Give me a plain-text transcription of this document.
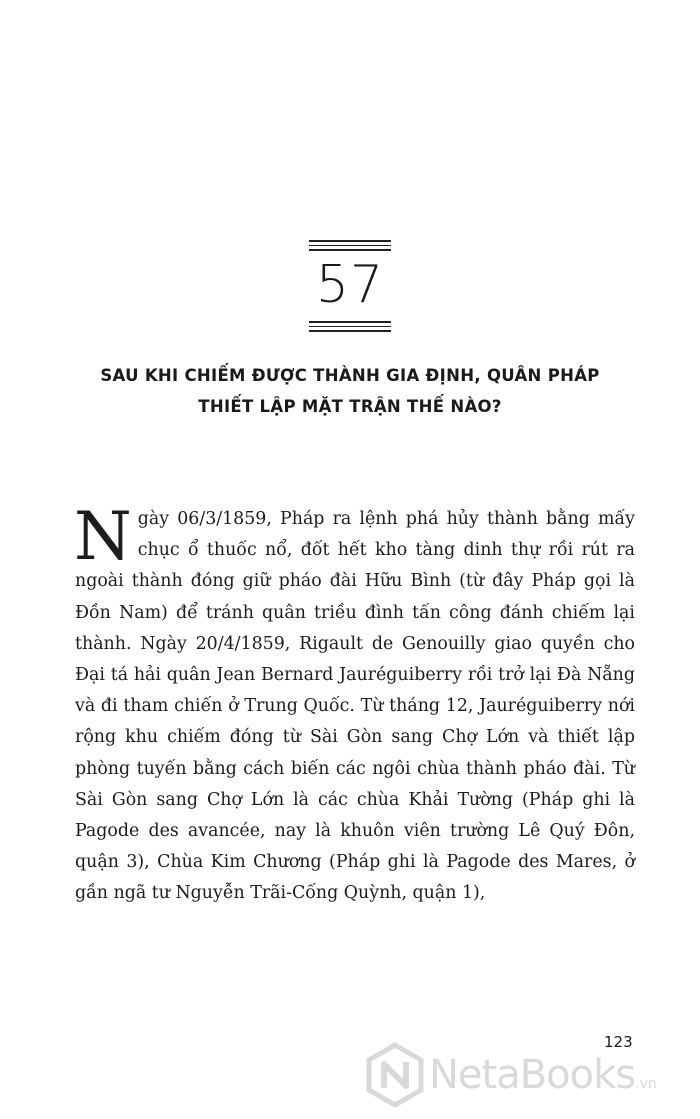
57
SAU KHI CHIẾM ĐƯỢC THÀNH GIA ĐỊNH, QUÂN PHÁP
THIẾT LẬP MẶT TRẬN THẾ NÀO?
N gày 06/3/1859, Pháp ra lệnh phá hủy thành bằng mấy chục ổ thuốc nổ, đốt hết kho tàng dinh thự rồi rút ra ngoài thành đóng giữ pháo đài Hữu Bình (từ đây Pháp gọi là Đồn Nam) để tránh quân triều đình tấn công đánh chiếm lại thành. Ngày 20/4/1859, Rigault de Genouilly giao quyền cho Đại tá hải quân Jean Bernard Jauréguiberry rồi trở lại Đà Nẵng và đi tham chiến ở Trung Quốc. Từ tháng 12, Jauréguiberry nới rộng khu chiếm đóng từ Sài Gòn sang Chợ Lớn và thiết lập phòng tuyến bằng cách biến các ngôi chùa thành pháo đài. Từ Sài Gòn sang Chợ Lớn là các chùa Khải Tường (Pháp ghi là Pagode des avancée, nay là khuôn viên trường Lê Quý Đôn, quận 3), Chùa Kim Chương (Pháp ghi là Pagode des Mares, ở gần ngã tư Nguyễn Trãi-Cống Quỳnh, quận 1),
123
NetaBooks .vn
